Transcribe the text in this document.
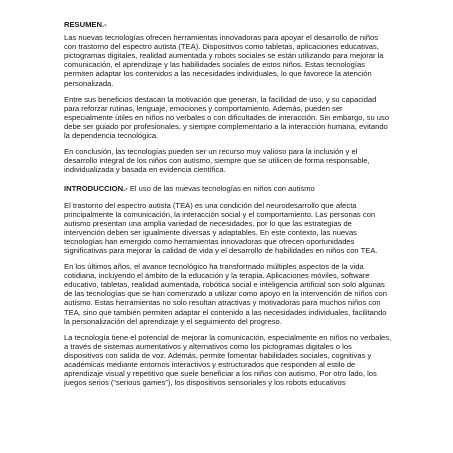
RESUMEN.-

Las nuevas tecnologías ofrecen herramientas innovadoras para apoyar el desarrollo de niños con trastorno del espectro autista (TEA). Dispositivos como tabletas, aplicaciones educativas, pictogramas digitales, realidad aumentada y robots sociales se están utilizando para mejorar la comunicación, el aprendizaje y las habilidades sociales de estos niños. Estas tecnologías permiten adaptar los contenidos a las necesidades individuales, lo que favorece la atención personalizada.

Entre sus beneficios destacan la motivación que generan, la facilidad de uso, y su capacidad para reforzar rutinas, lenguaje, emociones y comportamiento. Además, pueden ser especialmente útiles en niños no verbales o con dificultades de interacción. Sin embargo, su uso debe ser guiado por profesionales, y siempre complementario a la interacción humana, evitando la dependencia tecnológica.

En conclusión, las tecnologías pueden ser un recurso muy valioso para la inclusión y el desarrollo integral de los niños con autismo, siempre que se utilicen de forma responsable, individualizada y basada en evidencia científica.

INTRODUCCION.- El uso de las nuevas tecnologías en niños con autismo

El trastorno del espectro autista (TEA) es una condición del neurodesarrollo que afecta principalmente la comunicación, la interacción social y el comportamiento. Las personas con autismo presentan una amplia variedad de necesidades, por lo que las estrategias de intervención deben ser igualmente diversas y adaptables. En este contexto, las nuevas tecnologías han emergido como herramientas innovadoras que ofrecen oportunidades significativas para mejorar la calidad de vida y el desarrollo de habilidades en niños con TEA.

En los últimos años, el avance tecnológico ha transformado múltiples aspectos de la vida cotidiana, incluyendo el ámbito de la educación y la terapia. Aplicaciones móviles, software educativo, tabletas, realidad aumentada, robótica social e inteligencia artificial son solo algunas de las tecnologías que se han comenzado a utilizar como apoyo en la intervención de niños con autismo. Estas herramientas no solo resultan atractivas y motivadoras para muchos niños con TEA, sino que también permiten adaptar el contenido a las necesidades individuales, facilitando la personalización del aprendizaje y el seguimiento del progreso.

La tecnología tiene el potencial de mejorar la comunicación, especialmente en niños no verbales, a través de sistemas aumentativos y alternativos como los pictogramas digitales o los dispositivos con salida de voz. Además, permite fomentar habilidades sociales, cognitivas y académicas mediante entornos interactivos y estructurados que responden al estilo de aprendizaje visual y repetitivo que suele beneficiar a los niños con autismo. Por otro lado, los juegos serios (“serious games”), los dispositivos sensoriales y los robots educativos
